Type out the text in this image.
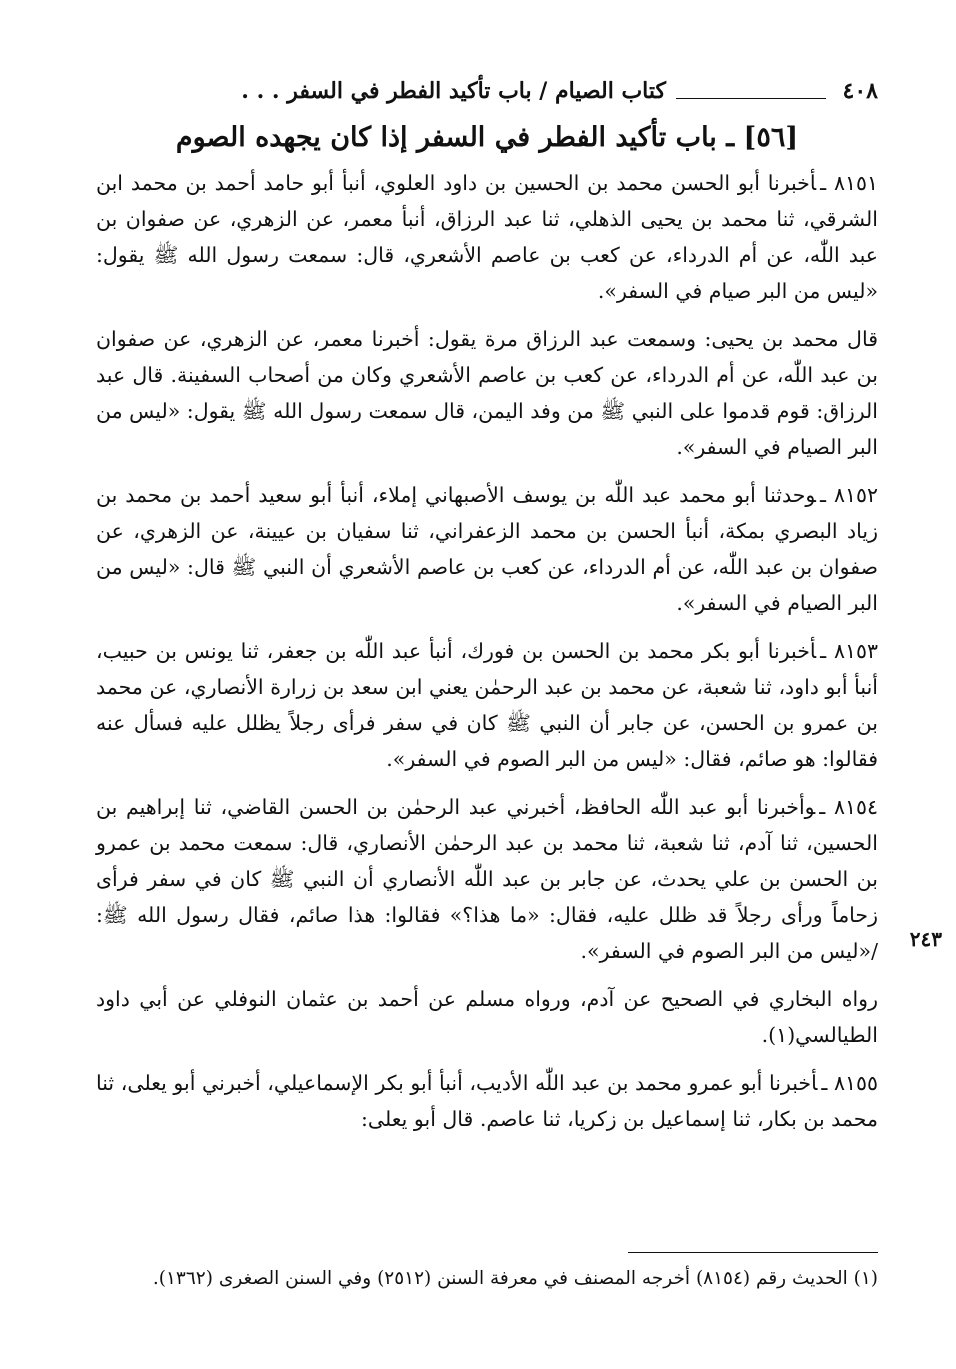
٤٠٨
كتاب الصيام / باب تأكيد الفطر في السفر . . .
[٥٦] ـ باب تأكيد الفطر في السفر إذا كان يجهده الصوم

٨١٥١ ـأخبرنا أبو الحسن محمد بن الحسين بن داود العلوي، أنبأ أبو حامد أحمد بن محمد ابن الشرقي، ثنا محمد بن يحيى الذهلي، ثنا عبد الرزاق، أنبأ معمر، عن الزهري، عن صفوان بن عبد اللّٰه، عن أم الدرداء، عن كعب بن عاصم الأشعري، قال: سمعت رسول الله ﷺ يقول: «ليس من البر صيام في السفر».

قال محمد بن يحيى: وسمعت عبد الرزاق مرة يقول: أخبرنا معمر، عن الزهري، عن صفوان بن عبد اللّٰه، عن أم الدرداء، عن كعب بن عاصم الأشعري وكان من أصحاب السفينة. قال عبد الرزاق: قوم قدموا على النبي ﷺ من وفد اليمن، قال سمعت رسول الله ﷺ يقول: «ليس من البر الصيام في السفر».

٨١٥٢ ـوحدثنا أبو محمد عبد اللّٰه بن يوسف الأصبهاني إملاء، أنبأ أبو سعيد أحمد بن محمد بن زياد البصري بمكة، أنبأ الحسن بن محمد الزعفراني، ثنا سفيان بن عيينة، عن الزهري، عن صفوان بن عبد اللّٰه، عن أم الدرداء، عن كعب بن عاصم الأشعري أن النبي ﷺ قال: «ليس من البر الصيام في السفر».

٨١٥٣ ـأخبرنا أبو بكر محمد بن الحسن بن فورك، أنبأ عبد اللّٰه بن جعفر، ثنا يونس بن حبيب، أنبأ أبو داود، ثنا شعبة، عن محمد بن عبد الرحمٰن يعني ابن سعد بن زرارة الأنصاري، عن محمد بن عمرو بن الحسن، عن جابر أن النبي ﷺ كان في سفر فرأى رجلاً يظلل عليه فسأل عنه فقالوا: هو صائم، فقال: «ليس من البر الصوم في السفر».

٨١٥٤ ـوأخبرنا أبو عبد اللّٰه الحافظ، أخبرني عبد الرحمٰن بن الحسن القاضي، ثنا إبراهيم بن الحسين، ثنا آدم، ثنا شعبة، ثنا محمد بن عبد الرحمٰن الأنصاري، قال: سمعت محمد بن عمرو بن الحسن بن علي يحدث، عن جابر بن عبد اللّٰه الأنصاري أن النبي ﷺ كان في سفر فرأى زحاماً ورأى رجلاً قد ظلل عليه، فقال: «ما هذا؟» فقالوا: هذا صائم، فقال رسول الله ﷺ: /«ليس من البر الصوم في السفر». ٢٤٣

رواه البخاري في الصحيح عن آدم، ورواه مسلم عن أحمد بن عثمان النوفلي عن أبي داود الطيالسي(١).

٨١٥٥ ـأخبرنا أبو عمرو محمد بن عبد اللّٰه الأديب، أنبأ أبو بكر الإسماعيلي، أخبرني أبو يعلى، ثنا محمد بن بكار، ثنا إسماعيل بن زكريا، ثنا عاصم. قال أبو يعلى:

(١) الحديث رقم (٨١٥٤) أخرجه المصنف في معرفة السنن (٢٥١٢) وفي السنن الصغرى (١٣٦٢).
